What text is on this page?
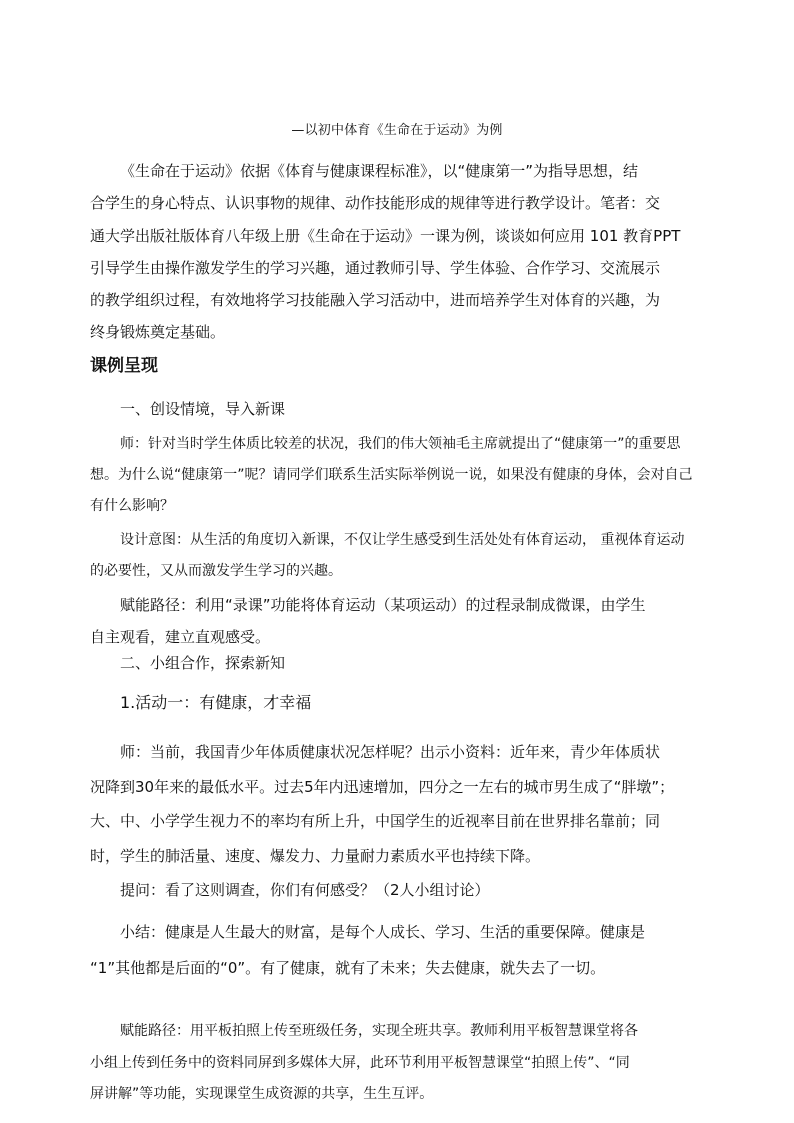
—以初中体育《生命在于运动》为例
《生命在于运动》依据《体育与健康课程标准》，以“健康第一”为指导思想，结
合学生的身心特点、认识事物的规律、动作技能形成的规律等进行教学设计。笔者：交
通大学出版社版体育八年级上册《生命在于运动》一课为例，谈谈如何应用 101 教育PPT
引导学生由操作激发学生的学习兴趣，通过教师引导、学生体验、合作学习、交流展示
的教学组织过程，有效地将学习技能融入学习活动中，进而培养学生对体育的兴趣，为
终身锻炼奠定基础。
课例呈现
一、创设情境，导入新课
师：针对当时学生体质比较差的状况，我们的伟大领袖毛主席就提出了“健康第一”的重要思
想。为什么说“健康第一”呢？请同学们联系生活实际举例说一说，如果没有健康的身体，会对自己
有什么影响？
设计意图：从生活的角度切入新课，不仅让学生感受到生活处处有体育运动， 重视体育运动
的必要性，又从而激发学生学习的兴趣。
赋能路径：利用“录课”功能将体育运动（某项运动）的过程录制成微课，由学生
自主观看，建立直观感受。
二、小组合作，探索新知
1.活动一：有健康，才幸福
师：当前，我国青少年体质健康状况怎样呢？出示小资料：近年来，青少年体质状
况降到30年来的最低水平。过去5年内迅速增加，四分之一左右的城市男生成了“胖墩”；
大、中、小学学生视力不的率均有所上升，中国学生的近视率目前在世界排名靠前；同
时，学生的肺活量、速度、爆发力、力量耐力素质水平也持续下降。
提问：看了这则调查，你们有何感受？（2人小组讨论）
小结：健康是人生最大的财富，是每个人成长、学习、生活的重要保障。健康是
“1”其他都是后面的“0”。有了健康，就有了未来；失去健康，就失去了一切。
赋能路径：用平板拍照上传至班级任务，实现全班共享。教师利用平板智慧课堂将各
小组上传到任务中的资料同屏到多媒体大屏，此环节利用平板智慧课堂“拍照上传”、“同
屏讲解”等功能，实现课堂生成资源的共享，生生互评。
